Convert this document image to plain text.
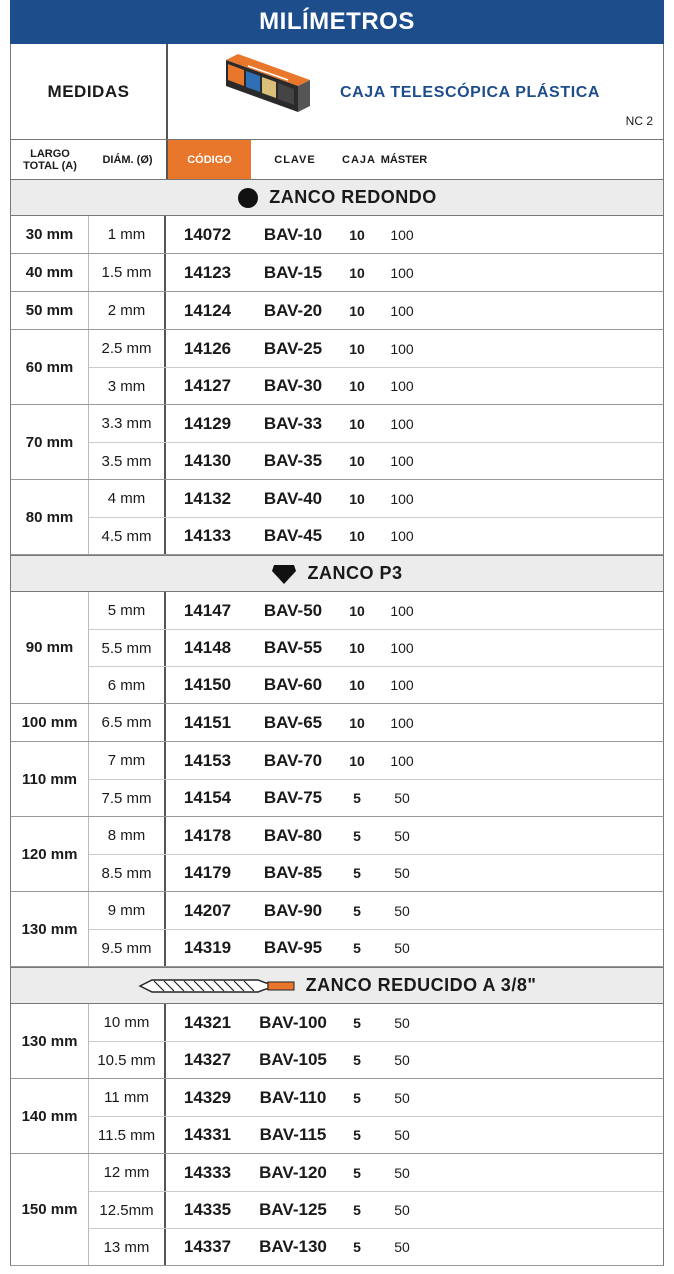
MILÍMETROS
MEDIDAS	CAJA TELESCÓPICA PLÁSTICA
NC 2
LARGO TOTAL (A)	DIÁM. (Ø)	CÓDIGO	CLAVE	CAJA MÁSTER
ZANCO REDONDO
30 mm	1 mm	14072	BAV-10	10	100
40 mm	1.5 mm	14123	BAV-15	10	100
50 mm	2 mm	14124	BAV-20	10	100
60 mm
2.5 mm	14126	BAV-25	10	100
3 mm	14127	BAV-30	10	100
70 mm
3.3 mm	14129	BAV-33	10	100
3.5 mm	14130	BAV-35	10	100
80 mm
4 mm	14132	BAV-40	10	100
4.5 mm	14133	BAV-45	10	100
ZANCO P3
90 mm
5 mm	14147	BAV-50	10	100
5.5 mm	14148	BAV-55	10	100
6 mm	14150	BAV-60	10	100
100 mm	6.5 mm	14151	BAV-65	10	100
110 mm
7 mm	14153	BAV-70	10	100
7.5 mm	14154	BAV-75	5	50
120 mm
8 mm	14178	BAV-80	5	50
8.5 mm	14179	BAV-85	5	50
130 mm
9 mm	14207	BAV-90	5	50
9.5 mm	14319	BAV-95	5	50
ZANCO REDUCIDO A 3/8"
130 mm
10 mm	14321	BAV-100	5	50
10.5 mm	14327	BAV-105	5	50
140 mm
11 mm	14329	BAV-110	5	50
11.5 mm	14331	BAV-115	5	50
150 mm
12 mm	14333	BAV-120	5	50
12.5mm	14335	BAV-125	5	50
13 mm	14337	BAV-130	5	50
